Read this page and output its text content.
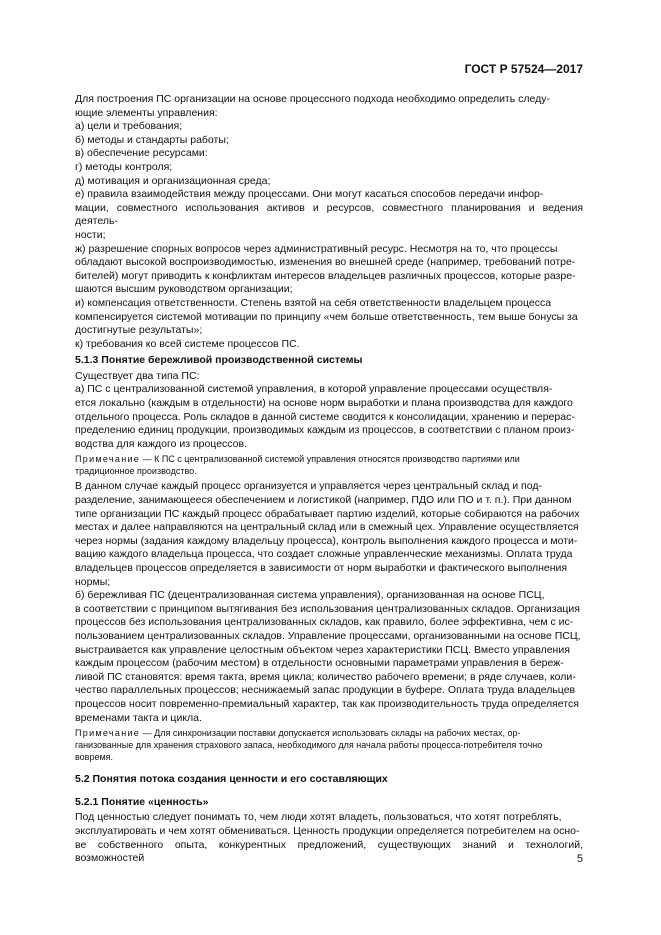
ГОСТ Р 57524—2017

Для построения ПС организации на основе процессного подхода необходимо определить следу-

ющие элементы управления:

а) цели и требования;

б) методы и стандарты работы;

в) обеспечение ресурсами:

г) методы контроля;

д) мотивация и организационная среда;

е) правила взаимодействия между процессами. Они могут касаться способов передачи инфор-

мации, совместного использования активов и ресурсов, совместного планирования и ведения деятель-

ности;

ж) разрешение спорных вопросов через административный ресурс. Несмотря на то, что процессы

обладают высокой воспроизводимостью, изменения во внешней среде (например, требований потре-

бителей) могут приводить к конфликтам интересов владельцев различных процессов, которые разре-

шаются высшим руководством организации;

и) компенсация ответственности. Степень взятой на себя ответственности владельцем процесса

компенсируется системой мотивации по принципу «чем больше ответственность, тем выше бонусы за

достигнутые результаты»;

к) требования ко всей системе процессов ПС.

5.1.3 Понятие бережливой производственной системы

Существует два типа ПС:

а) ПС с централизованной системой управления, в которой управление процессами осуществля-

ется локально (каждым в отдельности) на основе норм выработки и плана производства для каждого

отдельного процесса. Роль складов в данной системе сводится к консолидации, хранению и перерас-

пределению единиц продукции, производимых каждым из процессов, в соответствии с планом произ-

водства для каждого из процессов.

Примечание — К ПС с централизованной системой управления относятся производство партиями или
традиционное производство.

В данном случае каждый процесс организуется и управляется через центральный склад и под-

разделение, занимающееся обеспечением и логистикой (например, ПДО или ПО и т. п.). При данном

типе организации ПС каждый процесс обрабатывает партию изделий, которые собираются на рабочих

местах и далее направляются на центральный склад или в смежный цех. Управление осуществляется

через нормы (задания каждому владельцу процесса), контроль выполнения каждого процесса и моти-

вацию каждого владельца процесса, что создает сложные управленческие механизмы. Оплата труда

владельцев процессов определяется в зависимости от норм выработки и фактического выполнения

нормы;

б) бережливая ПС (децентрализованная система управления), организованная на основе ПСЦ,

в соответствии с принципом вытягивания без использования централизованных складов. Организация

процессов без использования централизованных складов, как правило, более эффективна, чем с ис-

пользованием централизованных складов. Управление процессами, организованными на основе ПСЦ,

выстраивается как управление целостным объектом через характеристики ПСЦ. Вместо управления

каждым процессом (рабочим местом) в отдельности основными параметрами управления в береж-

ливой ПС становятся: время такта, время цикла; количество рабочего времени; в ряде случаев, коли-

чество параллельных процессов; неснижаемый запас продукции в буфере. Оплата труда владельцев

процессов носит повременно-премиальный характер, так как производительность труда определяется

временами такта и цикла.

Примечание — Для синхронизации поставки допускается использовать склады на рабочих местах, ор-
ганизованные для хранения страхового запаса, необходимого для начала работы процесса-потребителя точно
вовремя.

5.2 Понятия потока создания ценности и его составляющих

5.2.1 Понятие «ценность»

Под ценностью следует понимать то, чем люди хотят владеть, пользоваться, что хотят потреблять,

эксплуатировать и чем хотят обмениваться. Ценность продукции определяется потребителем на осно-

ве собственного опыта, конкурентных предложений, существующих знаний и технологий, возможностей	5
